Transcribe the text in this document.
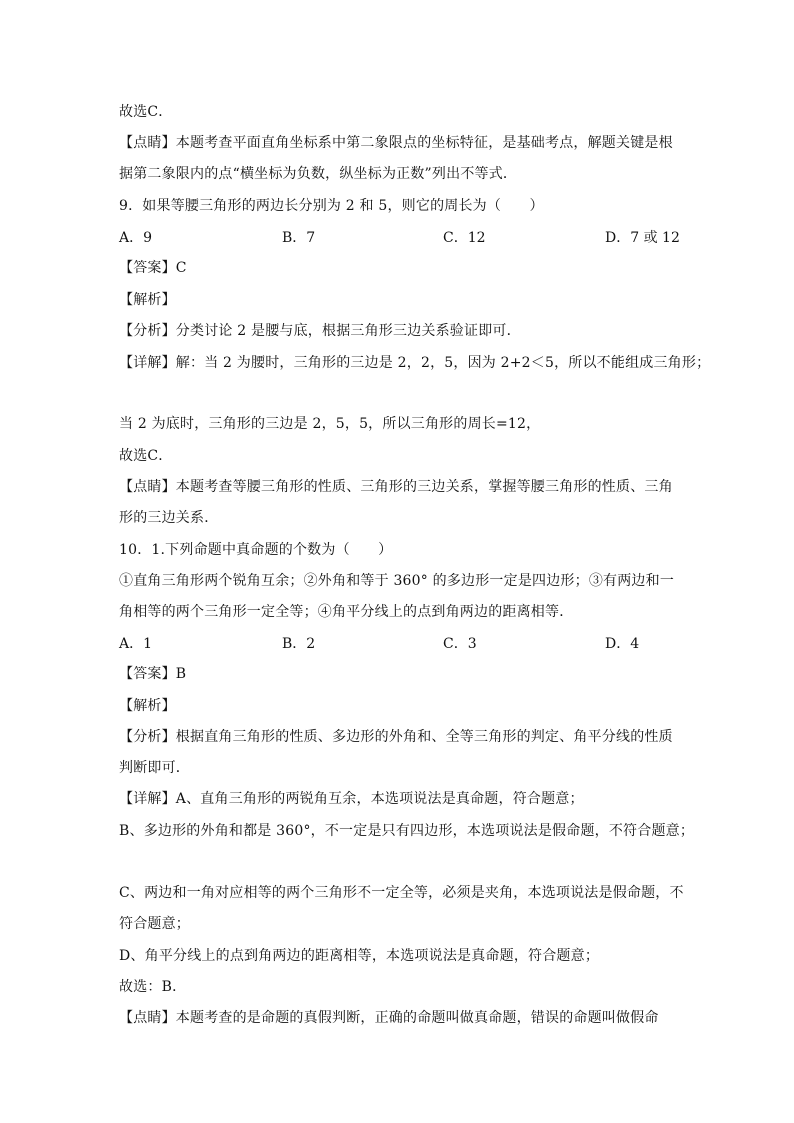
故选C．
【点睛】本题考查平面直角坐标系中第二象限点的坐标特征，是基础考点，解题关键是根
据第二象限内的点“横坐标为负数，纵坐标为正数”列出不等式．
9．如果等腰三角形的两边长分别为 2 和 5，则它的周长为（　　）
A．9	B．7	C．12	D．7 或 12
【答案】C
【解析】
【分析】分类讨论 2 是腰与底，根据三角形三边关系验证即可．
【详解】解：当 2 为腰时，三角形的三边是 2，2，5，因为 2+2＜5，所以不能组成三角形；
当 2 为底时，三角形的三边是 2，5，5，所以三角形的周长=12，
故选C．
【点睛】本题考查等腰三角形的性质、三角形的三边关系，掌握等腰三角形的性质、三角
形的三边关系．
10．1.下列命题中真命题的个数为（　　）
①直角三角形两个锐角互余；②外角和等于 360° 的多边形一定是四边形；③有两边和一
角相等的两个三角形一定全等；④角平分线上的点到角两边的距离相等．
A．1	B．2	C．3	D．4
【答案】B
【解析】
【分析】根据直角三角形的性质、多边形的外角和、全等三角形的判定、角平分线的性质
判断即可．
【详解】A、直角三角形的两锐角互余，本选项说法是真命题，符合题意；
B、多边形的外角和都是 360°，不一定是只有四边形，本选项说法是假命题，不符合题意；
C、两边和一角对应相等的两个三角形不一定全等，必须是夹角，本选项说法是假命题，不
符合题意；
D、角平分线上的点到角两边的距离相等，本选项说法是真命题，符合题意；
故选：B．
【点睛】本题考查的是命题的真假判断，正确的命题叫做真命题，错误的命题叫做假命
